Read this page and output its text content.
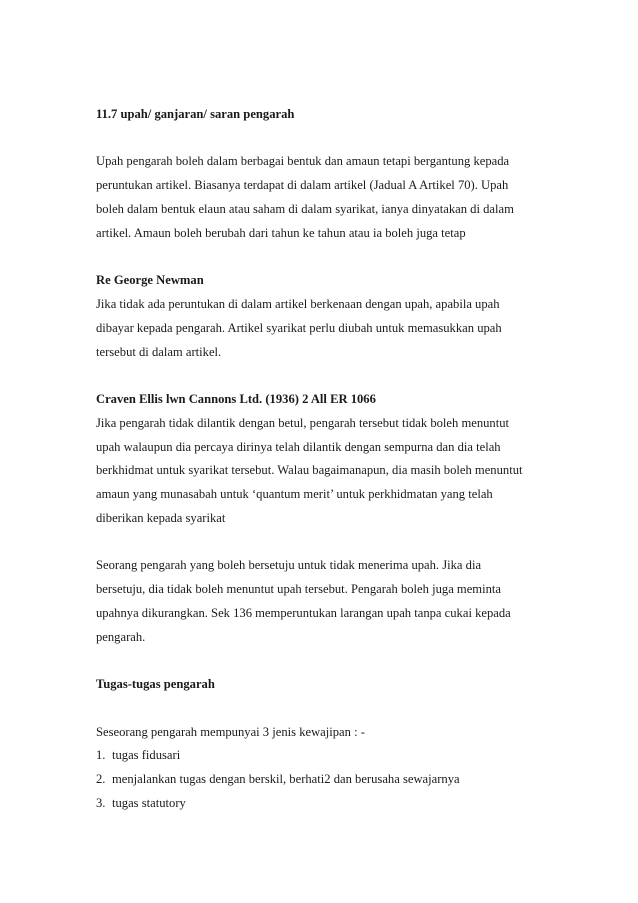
11.7 upah/ ganjaran/ saran pengarah
Upah pengarah boleh dalam berbagai bentuk dan amaun tetapi bergantung kepada
peruntukan artikel. Biasanya terdapat di dalam artikel (Jadual A Artikel 70). Upah
boleh dalam bentuk elaun atau saham di dalam syarikat, ianya dinyatakan di dalam
artikel. Amaun boleh berubah dari tahun ke tahun atau ia boleh juga tetap
Re George Newman
Jika tidak ada peruntukan di dalam artikel berkenaan dengan upah, apabila upah
dibayar kepada pengarah. Artikel syarikat perlu diubah untuk memasukkan upah
tersebut di dalam artikel.
Craven Ellis lwn Cannons Ltd. (1936) 2 All ER 1066
Jika pengarah tidak dilantik dengan betul, pengarah tersebut tidak boleh menuntut
upah walaupun dia percaya dirinya telah dilantik dengan sempurna dan dia telah
berkhidmat untuk syarikat tersebut. Walau bagaimanapun, dia masih boleh menuntut
amaun yang munasabah untuk ‘quantum merit’ untuk perkhidmatan yang telah
diberikan kepada syarikat
Seorang pengarah yang boleh bersetuju untuk tidak menerima upah. Jika dia
bersetuju, dia tidak boleh menuntut upah tersebut. Pengarah boleh juga meminta
upahnya dikurangkan. Sek 136 memperuntukan larangan upah tanpa cukai kepada
pengarah.
Tugas-tugas pengarah
Seseorang pengarah mempunyai 3 jenis kewajipan : -
1. tugas fidusari
2. menjalankan tugas dengan berskil, berhati2 dan berusaha sewajarnya
3. tugas statutory
